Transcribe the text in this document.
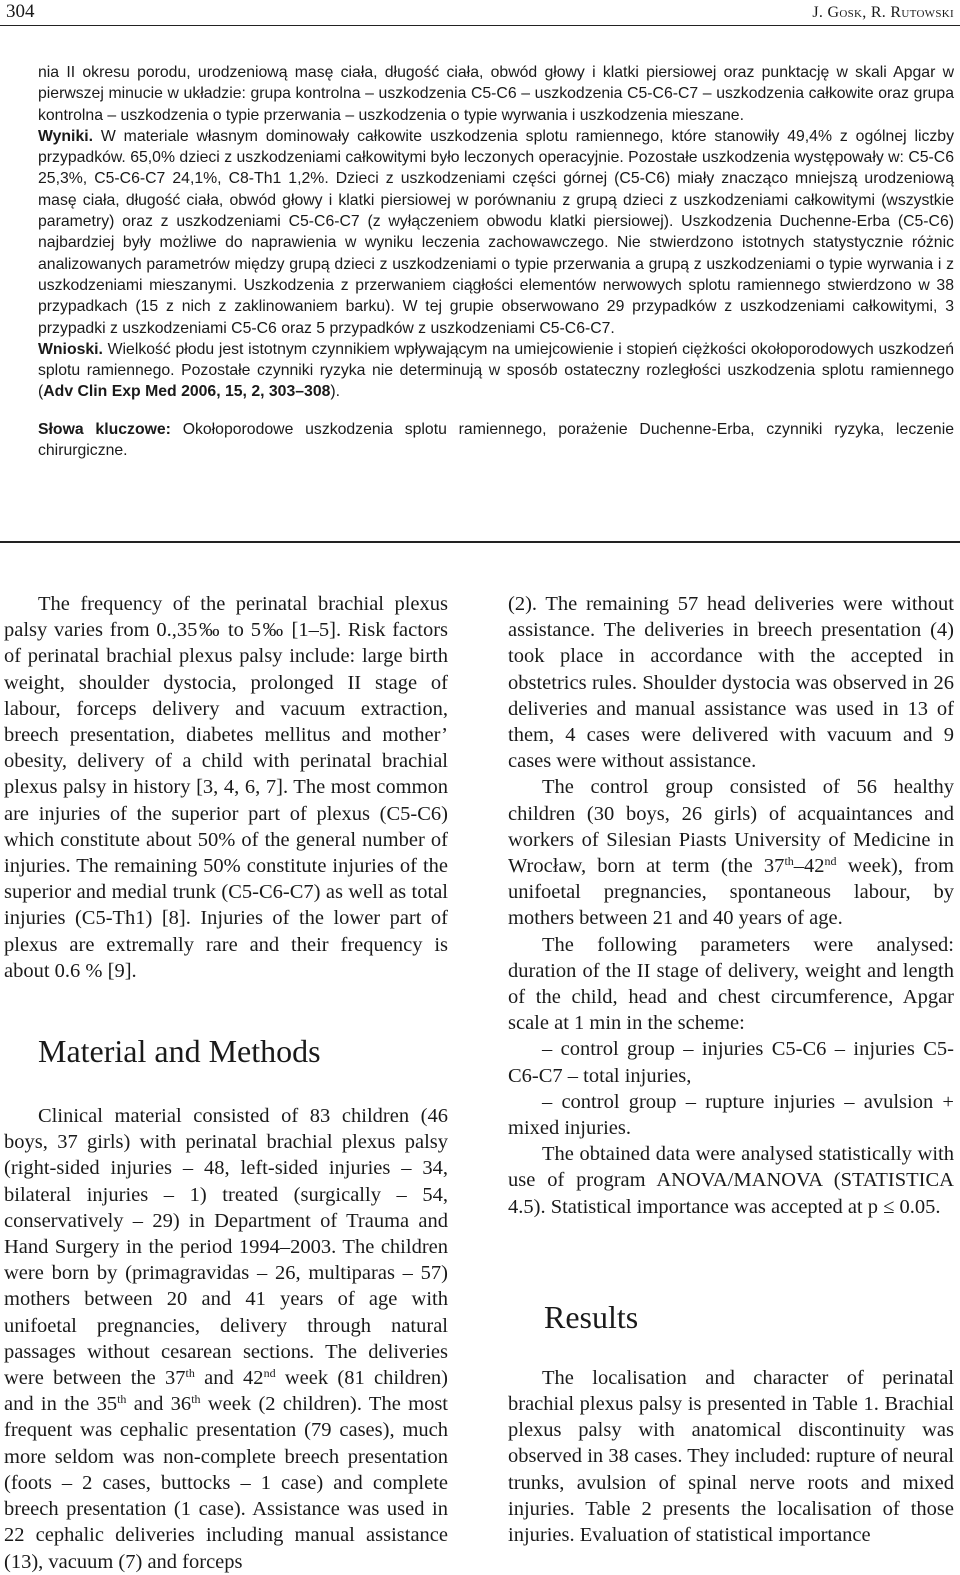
304	J. Gosk, R. Rutowski

nia II okresu porodu, urodzeniową masę ciała, długość ciała, obwód głowy i klatki piersiowej oraz punktację w skali Apgar w pierwszej minucie w układzie: grupa kontrolna – uszkodzenia C5-C6 – uszkodzenia C5-C6-C7 – uszkodzenia całkowite oraz grupa kontrolna – uszkodzenia o typie przerwania – uszkodzenia o typie wyrwania i uszkodzenia mieszane.

Wyniki. W materiale własnym dominowały całkowite uszkodzenia splotu ramiennego, które stanowiły 49,4% z ogólnej liczby przypadków. 65,0% dzieci z uszkodzeniami całkowitymi było leczonych operacyjnie. Pozostałe uszkodzenia występowały w: C5-C6 25,3%, C5-C6-C7 24,1%, C8-Th1 1,2%. Dzieci z uszkodzeniami części górnej (C5-C6) miały znacząco mniejszą urodzeniową masę ciała, długość ciała, obwód głowy i klatki piersiowej w porównaniu z grupą dzieci z uszkodzeniami całkowitymi (wszystkie parametry) oraz z uszkodzeniami C5-C6-C7 (z wyłączeniem obwodu klatki piersiowej). Uszkodzenia Duchenne-Erba (C5-C6) najbardziej były możliwe do naprawienia w wyniku leczenia zachowawczego. Nie stwierdzono istotnych statystycznie różnic analizowanych parametrów między grupą dzieci z uszkodzeniami o typie przerwania a grupą z uszkodzeniami o typie wyrwania i z uszkodzeniami mieszanymi. Uszkodzenia z przerwaniem ciągłości elementów nerwowych splotu ramiennego stwierdzono w 38 przypadkach (15 z nich z zaklinowaniem barku). W tej grupie obserwowano 29 przypadków z uszkodzeniami całkowitymi, 3 przypadki z uszkodzeniami C5-C6 oraz 5 przypadków z uszkodzeniami C5-C6-C7.

Wnioski. Wielkość płodu jest istotnym czynnikiem wpływającym na umiejcowienie i stopień ciężkości okołoporodowych uszkodzeń splotu ramiennego. Pozostałe czynniki ryzyka nie determinują w sposób ostateczny rozległości uszkodzenia splotu ramiennego (Adv Clin Exp Med 2006, 15, 2, 303–308).

Słowa kluczowe: Okołoporodowe uszkodzenia splotu ramiennego, porażenie Duchenne-Erba, czynniki ryzyka, leczenie chirurgiczne.

The frequency of the perinatal brachial plexus palsy varies from 0.,35‰ to 5‰ [1–5]. Risk factors of perinatal brachial plexus palsy include: large birth weight, shoulder dystocia, prolonged II stage of labour, forceps delivery and vacuum extraction, breech presentation, diabetes mellitus and mother’ obesity, delivery of a child with perinatal brachial plexus palsy in history [3, 4, 6, 7]. The most common are injuries of the superior part of plexus (C5-C6) which constitute about 50% of the general number of injuries. The remaining 50% constitute injuries of the superior and medial trunk (C5-C6-C7) as well as total injuries (C5-Th1) [8]. Injuries of the lower part of plexus are extremally rare and their frequency is about 0.6 % [9].

Material and Methods

Clinical material consisted of 83 children (46 boys, 37 girls) with perinatal brachial plexus palsy (right-sided injuries – 48, left-sided injuries – 34, bilateral injuries – 1) treated (surgically – 54, conservatively – 29) in Department of Trauma and Hand Surgery in the period 1994–2003. The children were born by (primagravidas – 26, multiparas – 57) mothers between 20 and 41 years of age with unifoetal pregnancies, delivery through natural passages without cesarean sections. The deliveries were between the 37th and 42nd week (81 children) and in the 35th and 36th week (2 children). The most frequent was cephalic presentation (79 cases), much more seldom was non-complete breech presentation (foots – 2 cases, buttocks – 1 case) and complete breech presentation (1 case). Assistance was used in 22 cephalic deliveries including manual assistance (13), vacuum (7) and forceps

(2). The remaining 57 head deliveries were without assistance. The deliveries in breech presentation (4) took place in accordance with the accepted in obstetrics rules. Shoulder dystocia was observed in 26 deliveries and manual assistance was used in 13 of them, 4 cases were delivered with vacuum and 9 cases were without assistance.

The control group consisted of 56 healthy children (30 boys, 26 girls) of acquaintances and workers of Silesian Piasts University of Medicine in Wrocław, born at term (the 37th–42nd week), from unifoetal pregnancies, spontaneous labour, by mothers between 21 and 40 years of age.

The following parameters were analysed: duration of the II stage of delivery, weight and length of the child, head and chest circumference, Apgar scale at 1 min in the scheme:

– control group – injuries C5-C6 – injuries C5-C6-C7 – total injuries,

– control group – rupture injuries – avulsion + mixed injuries.

The obtained data were analysed statistically with use of program ANOVA/MANOVA (STATISTICA 4.5). Statistical importance was accepted at p ≤ 0.05.

Results

The localisation and character of perinatal brachial plexus palsy is presented in Table 1. Brachial plexus palsy with anatomical discontinuity was observed in 38 cases. They included: rupture of neural trunks, avulsion of spinal nerve roots and mixed injuries. Table 2 presents the localisation of those injuries. Evaluation of statistical importance
